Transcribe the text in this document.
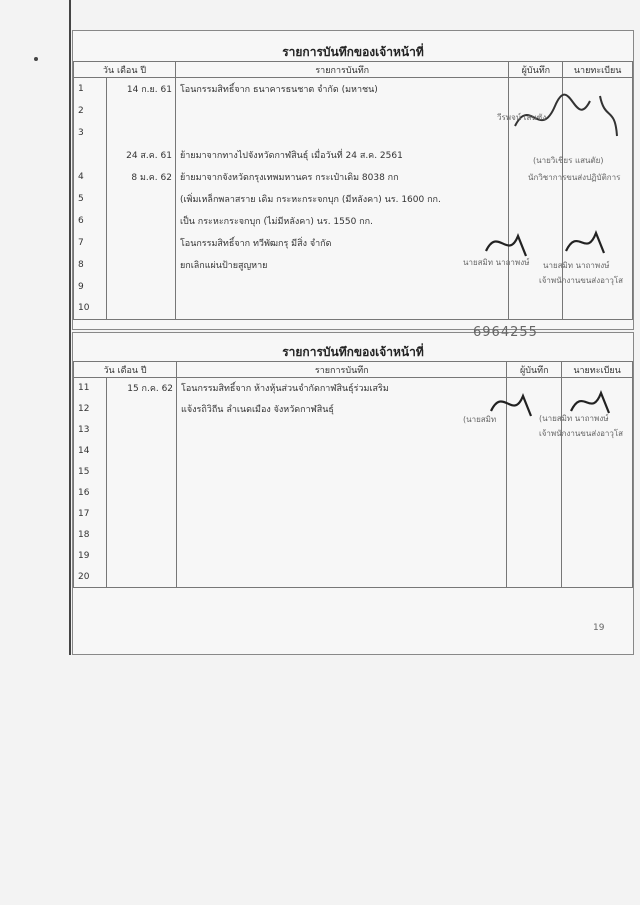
รายการบันทึกของเจ้าหน้าที่
วัน เดือน ปี		รายการบันทึก	ผู้บันทึก	นายทะเบียน
1	14 ก.ย. 61	โอนกรรมสิทธิ์จาก ธนาคารธนชาต จำกัด (มหาชน)		
2				
3				
	24 ส.ค. 61	ย้ายมาจากทางไปจังหวัดกาฬสินธุ์ เมื่อวันที่ 24 ส.ค. 2561		
4	8 ม.ค. 62	ย้ายมาจากจังหวัดกรุงเทพมหานคร กระเป๋าเดิม 8038 กก		
5		(เพิ่มเหล็กพลาสราย เดิม กระหะกระจกบุก (มีหลังคา) นร. 1600 กก.		
6		เป็น กระหะกระจกบุก (ไม่มีหลังคา) นร. 1550 กก.		
7		โอนกรรมสิทธิ์จาก ทวีพัฒกรุ มีสิ่ง จำกัด		
8		ยกเลิกแผ่นป้ายสูญหาย		
9				
10				
วีรพจน์ เสนซัง
(นายวิเชียร แสนตัย)
นักวิชาการขนส่งปฏิบัติการ
นายสมิท นาถาพงษ์ นายสมิท นาถาพงษ์
เจ้าพนักงานขนส่งอาวุโส
6964255
รายการบันทึกของเจ้าหน้าที่
วัน เดือน ปี		รายการบันทึก	ผู้บันทึก	นายทะเบียน
11	15 ก.ค. 62	โอนกรรมสิทธิ์จาก ห้างหุ้นส่วนจำกัดกาฬสินธุ์ร่วมเสริม		
12		แจ้งรถิวิถีน ลำเนดเมือง จังหวัดกาฬสินธุ์		
13				
14				
15				
16				
17				
18				
19				
20				
(นายสมิท	(นายสมิท นาถาพงษ์
เจ้าพนักงานขนส่งอาวุโส
19
